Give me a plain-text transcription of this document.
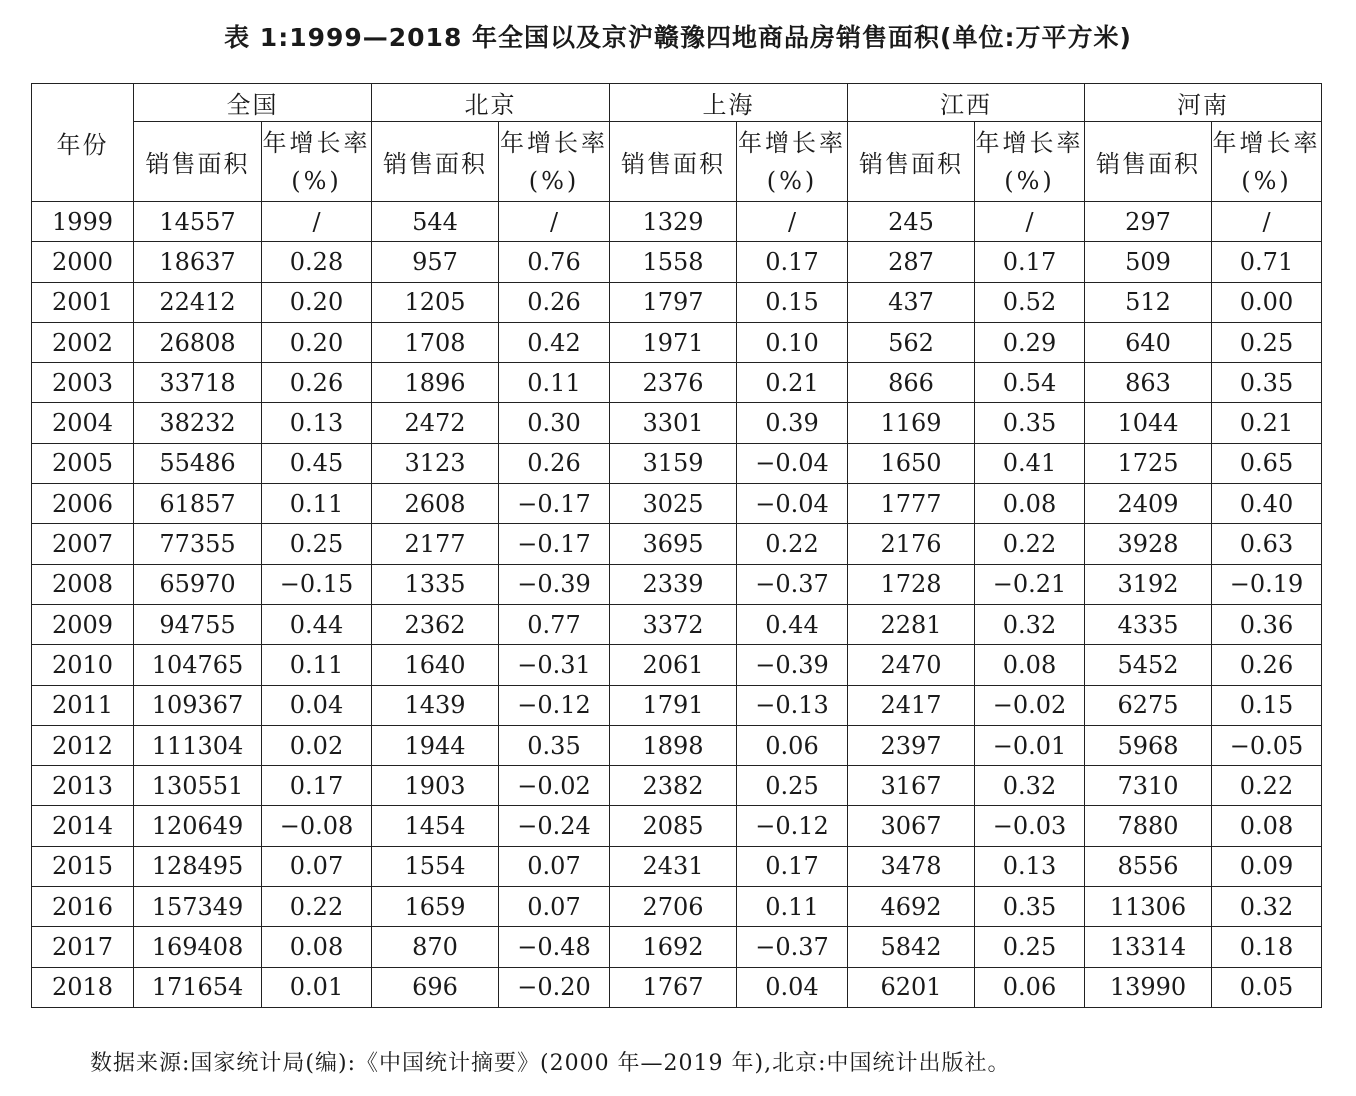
表 1:1999—2018 年全国以及京沪赣豫四地商品房销售面积(单位:万平方米)
年份	全国		北京		上海		江西		河南	
	销售面积	年增长率(%)	销售面积	年增长率(%)	销售面积	年增长率(%)	销售面积	年增长率(%)	销售面积	年增长率(%)
1999	14557	/	544	/	1329	/	245	/	297	/
2000	18637	0.28	957	0.76	1558	0.17	287	0.17	509	0.71
2001	22412	0.20	1205	0.26	1797	0.15	437	0.52	512	0.00
2002	26808	0.20	1708	0.42	1971	0.10	562	0.29	640	0.25
2003	33718	0.26	1896	0.11	2376	0.21	866	0.54	863	0.35
2004	38232	0.13	2472	0.30	3301	0.39	1169	0.35	1044	0.21
2005	55486	0.45	3123	0.26	3159	−0.04	1650	0.41	1725	0.65
2006	61857	0.11	2608	−0.17	3025	−0.04	1777	0.08	2409	0.40
2007	77355	0.25	2177	−0.17	3695	0.22	2176	0.22	3928	0.63
2008	65970	−0.15	1335	−0.39	2339	−0.37	1728	−0.21	3192	−0.19
2009	94755	0.44	2362	0.77	3372	0.44	2281	0.32	4335	0.36
2010	104765	0.11	1640	−0.31	2061	−0.39	2470	0.08	5452	0.26
2011	109367	0.04	1439	−0.12	1791	−0.13	2417	−0.02	6275	0.15
2012	111304	0.02	1944	0.35	1898	0.06	2397	−0.01	5968	−0.05
2013	130551	0.17	1903	−0.02	2382	0.25	3167	0.32	7310	0.22
2014	120649	−0.08	1454	−0.24	2085	−0.12	3067	−0.03	7880	0.08
2015	128495	0.07	1554	0.07	2431	0.17	3478	0.13	8556	0.09
2016	157349	0.22	1659	0.07	2706	0.11	4692	0.35	11306	0.32
2017	169408	0.08	870	−0.48	1692	−0.37	5842	0.25	13314	0.18
2018	171654	0.01	696	−0.20	1767	0.04	6201	0.06	13990	0.05
数据来源:国家统计局(编):《中国统计摘要》(2000 年—2019 年),北京:中国统计出版社。
